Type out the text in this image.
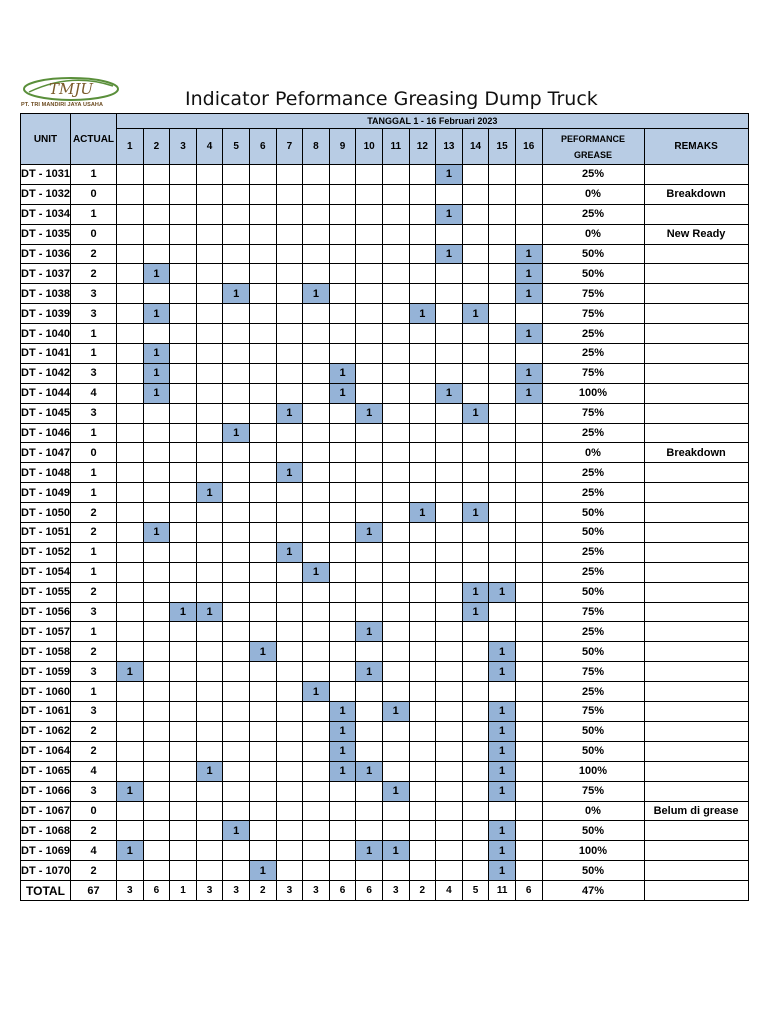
TMJU
PT. TRI MANDIRI JAYA USAHA	Indicator Peformance Greasing Dump Truck
UNIT	ACTUAL	TANGGAL 1 - 16 Februari 2023																	
		1	2	3	4	5	6	7	8	9	10	11	12	13	14	15	16	PEFORMANCE
GREASE	REMAKS
DT - 1031	1													1				25%	
DT - 1032	0																	0%	Breakdown
DT - 1034	1													1				25%	
DT - 1035	0																	0%	New Ready
DT - 1036	2													1			1	50%	
DT - 1037	2		1														1	50%	
DT - 1038	3					1			1								1	75%	
DT - 1039	3		1										1		1			75%	
DT - 1040	1																1	25%	
DT - 1041	1		1															25%	
DT - 1042	3		1							1							1	75%	
DT - 1044	4		1							1				1			1	100%	
DT - 1045	3							1			1				1			75%	
DT - 1046	1					1												25%	
DT - 1047	0																	0%	Breakdown
DT - 1048	1							1										25%	
DT - 1049	1				1													25%	
DT - 1050	2												1		1			50%	
DT - 1051	2		1								1							50%	
DT - 1052	1							1										25%	
DT - 1054	1								1									25%	
DT - 1055	2														1	1		50%	
DT - 1056	3			1	1										1			75%	
DT - 1057	1										1							25%	
DT - 1058	2						1									1		50%	
DT - 1059	3	1									1					1		75%	
DT - 1060	1								1									25%	
DT - 1061	3									1		1				1		75%	
DT - 1062	2									1						1		50%	
DT - 1064	2									1						1		50%	
DT - 1065	4				1					1	1					1		100%	
DT - 1066	3	1										1				1		75%	
DT - 1067	0																	0%	Belum di grease
DT - 1068	2					1										1		50%	
DT - 1069	4	1									1	1				1		100%	
DT - 1070	2						1									1		50%	
TOTAL	67	3	6	1	3	3	2	3	3	6	6	3	2	4	5	11	6	47%	
